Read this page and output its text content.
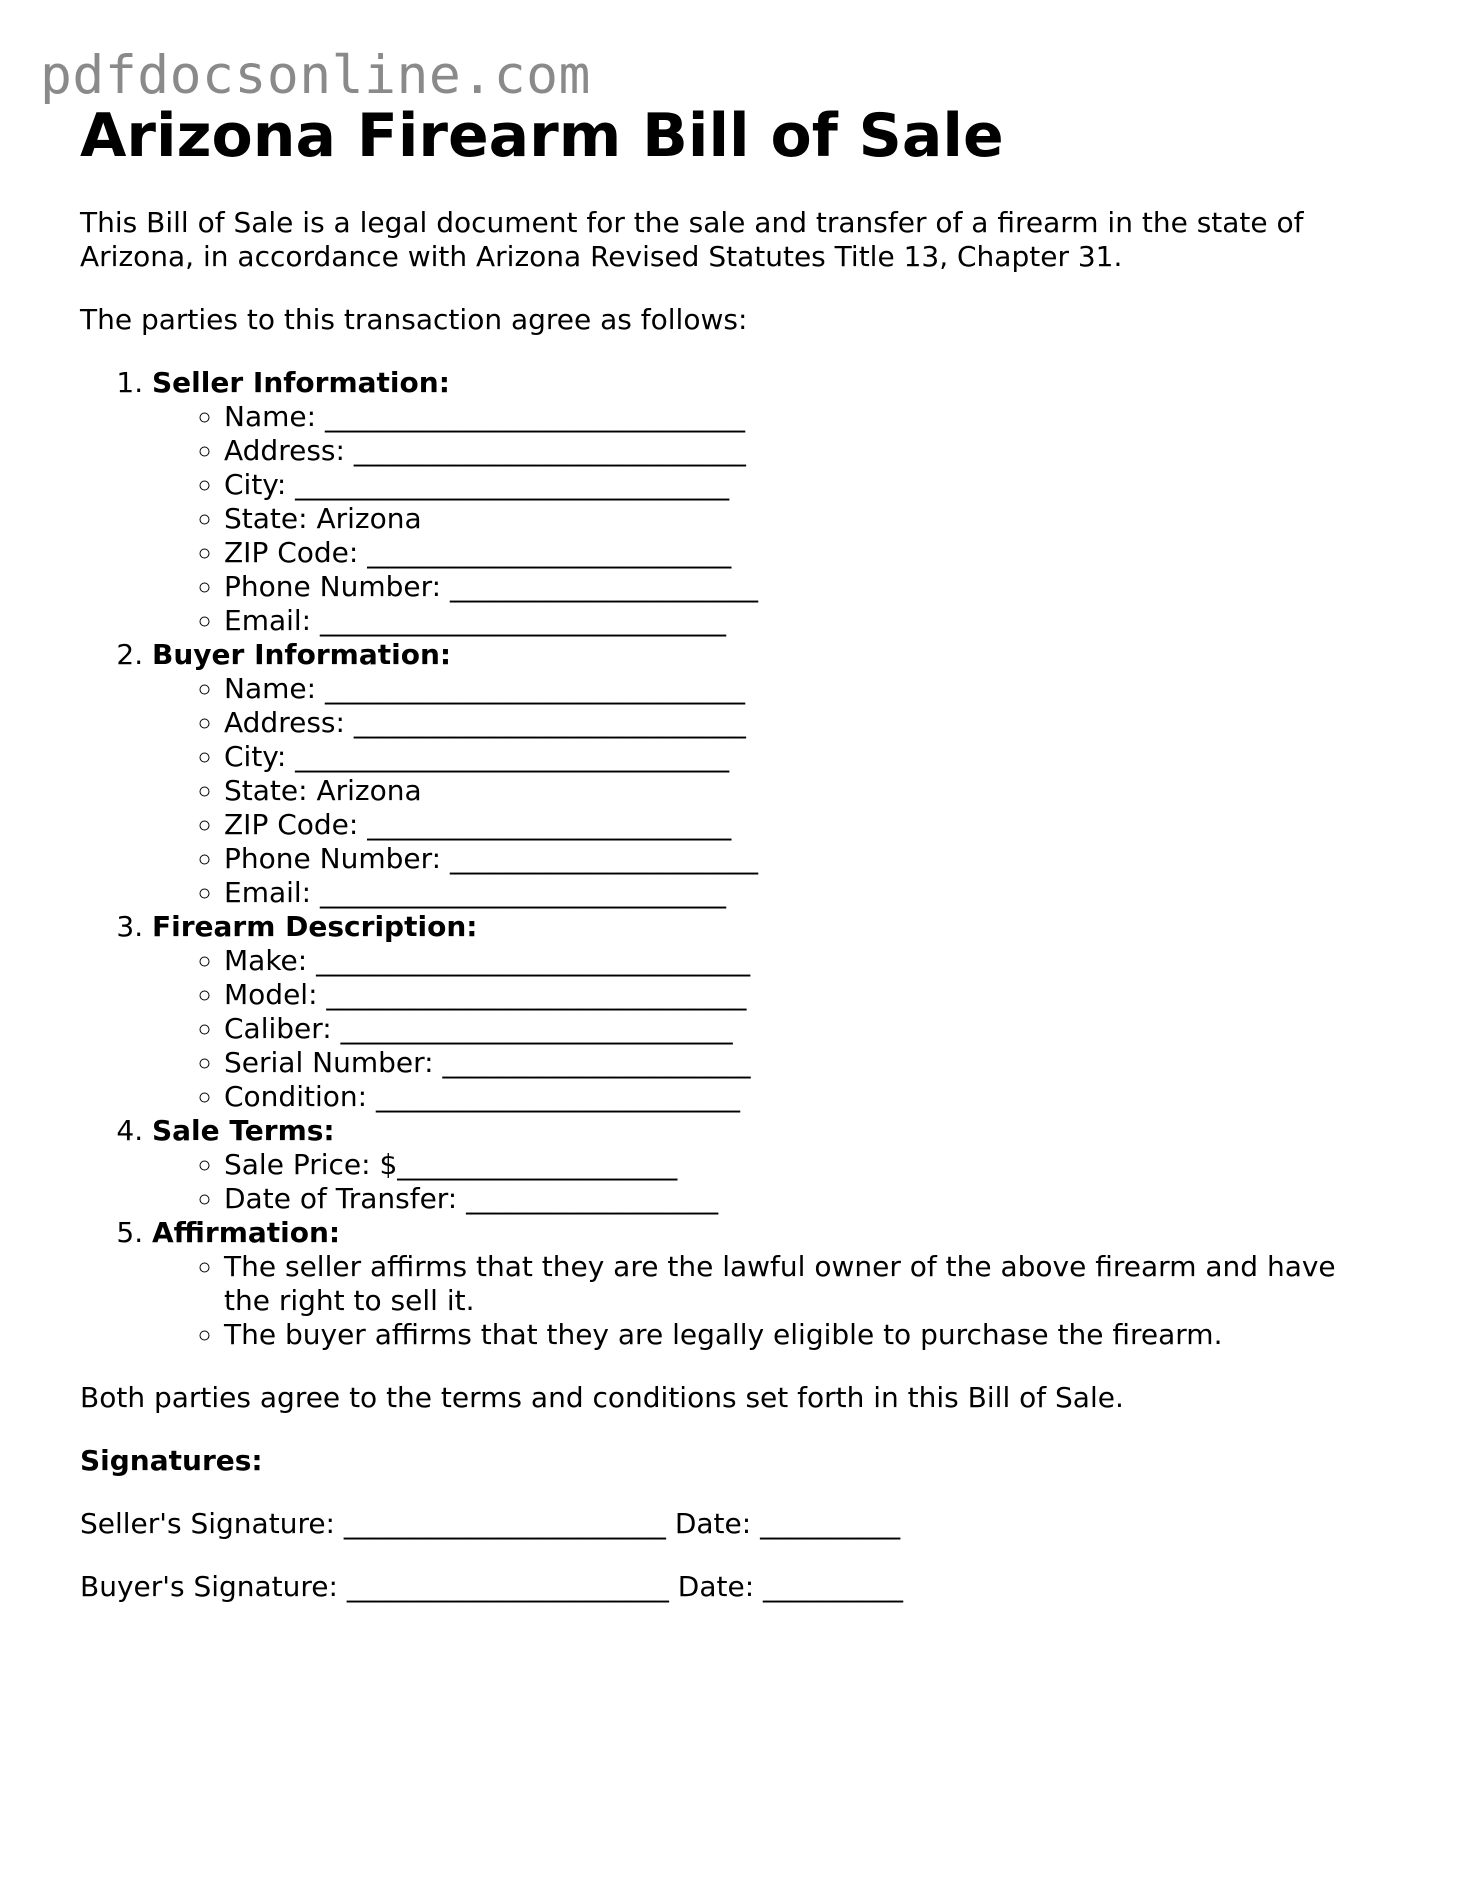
pdfdocsonline.com
Arizona Firearm Bill of Sale

This Bill of Sale is a legal document for the sale and transfer of a firearm in the state of Arizona, in accordance with Arizona Revised Statutes Title 13, Chapter 31.

The parties to this transaction agree as follows:

1. Seller Information:
◦ Name: ______________________________
◦ Address: ____________________________
◦ City: _______________________________
◦ State: Arizona
◦ ZIP Code: __________________________
◦ Phone Number: ______________________
◦ Email: _____________________________
2. Buyer Information:
◦ Name: ______________________________
◦ Address: ____________________________
◦ City: _______________________________
◦ State: Arizona
◦ ZIP Code: __________________________
◦ Phone Number: ______________________
◦ Email: _____________________________
3. Firearm Description:
◦ Make: _______________________________
◦ Model: ______________________________
◦ Caliber: ____________________________
◦ Serial Number: ______________________
◦ Condition: __________________________
4. Sale Terms:
◦ Sale Price: $____________________
◦ Date of Transfer: __________________
5. Affirmation:
◦ The seller affirms that they are the lawful owner of the above firearm and have the right to sell it.
◦ The buyer affirms that they are legally eligible to purchase the firearm.

Both parties agree to the terms and conditions set forth in this Bill of Sale.

Signatures:

Seller's Signature: _______________________ Date: __________

Buyer's Signature: _______________________ Date: __________
